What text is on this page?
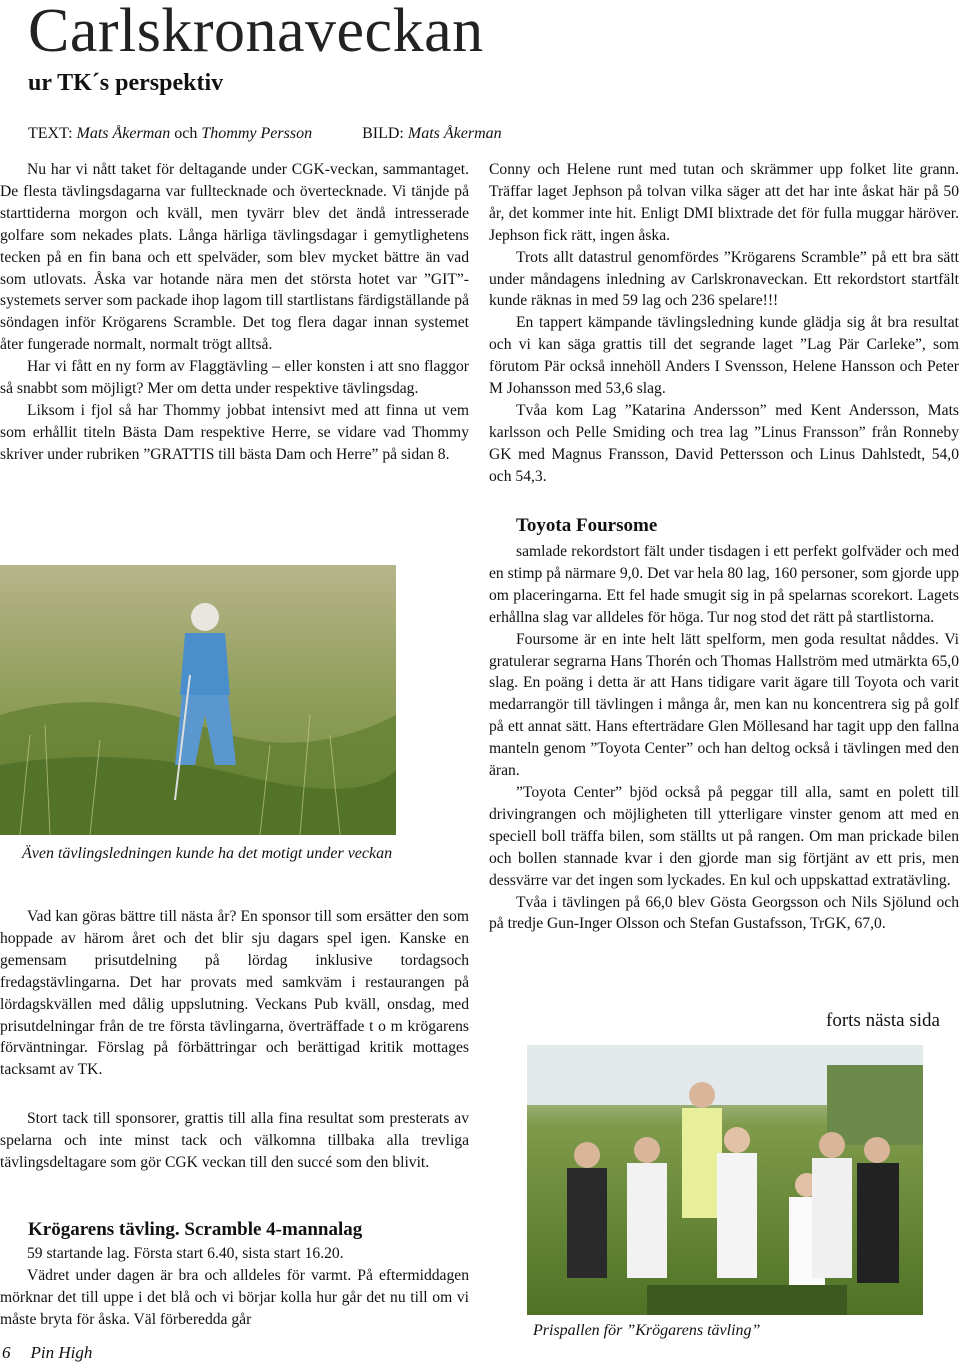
Carlskronaveckan
ur TK´s perspektiv
TEXT: Mats Åkerman och Thommy Persson	BILD: Mats Åkerman

Nu har vi nått taket för deltagande under CGK-veckan, sammantaget. De flesta tävlingsdagarna var fulltecknade och övertecknade. Vi tänjde på starttiderna morgon och kväll, men tyvärr blev det ändå intresserade golfare som nekades plats. Långa härliga tävlingsdagar i gemytlighetens tecken på en fin bana och ett spelväder, som blev mycket bättre än vad som utlovats. Åska var hotande nära men det största hotet var ”GIT”-systemets server som packade ihop lagom till startlistans färdigställande på söndagen inför Krögarens Scramble. Det tog flera dagar innan systemet åter fungerade normalt, normalt trögt alltså.

Har vi fått en ny form av Flaggtävling – eller konsten i att sno flaggor så snabbt som möjligt? Mer om detta under respektive tävlingsdag.

Liksom i fjol så har Thommy jobbat intensivt med att finna ut vem som erhållit titeln Bästa Dam respektive Herre, se vidare vad Thommy skriver under rubriken ”GRATTIS till bästa Dam och Herre” på sidan 8.

Även tävlingsledningen kunde ha det motigt under veckan

Vad kan göras bättre till nästa år? En sponsor till som ersätter den som hoppade av härom året och det blir sju dagars spel igen. Kanske en gemensam prisutdelning på lördag inklusive tordagsoch fredagstävlingarna. Det har provats med samkväm i restaurangen på lördagskvällen med dålig uppslutning. Veckans Pub kväll, onsdag, med prisutdelningar från de tre första tävlingarna, överträffade t o m krögarens förväntningar. Förslag på förbättringar och berättigad kritik mottages tacksamt av TK.

Stort tack till sponsorer, grattis till alla fina resultat som presterats av spelarna och inte minst tack och välkomna tillbaka alla trevliga tävlingsdeltagare som gör CGK veckan till den succé som den blivit.

Krögarens tävling. Scramble 4-mannalag

59 startande lag. Första start 6.40, sista start 16.20.

Vädret under dagen är bra och alldeles för varmt. På eftermiddagen mörknar det till uppe i det blå och vi börjar kolla hur går det nu till om vi måste bryta för åska. Väl förberedda går

Conny och Helene runt med tutan och skrämmer upp folket lite grann. Träffar laget Jephson på tolvan vilka säger att det har inte åskat här på 50 år, det kommer inte hit. Enligt DMI blixtrade det för fulla muggar häröver. Jephson fick rätt, ingen åska.

Trots allt datastrul genomfördes ”Krögarens Scramble” på ett bra sätt under måndagens inledning av Carlskronaveckan. Ett rekordstort startfält kunde räknas in med 59 lag och 236 spelare!!!

En tappert kämpande tävlingsledning kunde glädja sig åt bra resultat och vi kan säga grattis till det segrande laget ”Lag Pär Carleke”, som förutom Pär också innehöll Anders I Svensson, Helene Hansson och Peter M Johansson med 53,6 slag.

Tvåa kom Lag ”Katarina Andersson” med Kent Andersson, Mats karlsson och Pelle Smiding och trea lag ”Linus Fransson” från Ronneby GK med Magnus Fransson, David Pettersson och Linus Dahlstedt, 54,0 och 54,3.

Toyota Foursome

samlade rekordstort fält under tisdagen i ett perfekt golfväder och med en stimp på närmare 9,0. Det var hela 80 lag, 160 personer, som gjorde upp om placeringarna. Ett fel hade smugit sig in på spelarnas scorekort. Lagets erhållna slag var alldeles för höga. Tur nog stod det rätt på startlistorna.

Foursome är en inte helt lätt spelform, men goda resultat nåddes. Vi gratulerar segrarna Hans Thorén och Thomas Hallström med utmärkta 65,0 slag. En poäng i detta är att Hans tidigare varit ägare till Toyota och varit medarrangör till tävlingen i många år, men kan nu koncentrera sig på golf på ett annat sätt. Hans efterträdare Glen Möllesand har tagit upp den fallna manteln genom ”Toyota Center” och han deltog också i tävlingen med den äran.

”Toyota Center” bjöd också på peggar till alla, samt en polett till drivingrangen och möjligheten till ytterligare vinster genom att med en speciell boll träffa bilen, som ställts ut på rangen. Om man prickade bilen och bollen stannade kvar i den gjorde man sig förtjänt av ett pris, men dessvärre var det ingen som lyckades. En kul och uppskattad extratävling.

Tvåa i tävlingen på 66,0 blev Gösta Georgsson och Nils Sjölund och på tredje Gun-Inger Olsson och Stefan Gustafsson, TrGK, 67,0.

forts nästa sida
Prispallen för ”Krögarens tävling”
6 Pin High
